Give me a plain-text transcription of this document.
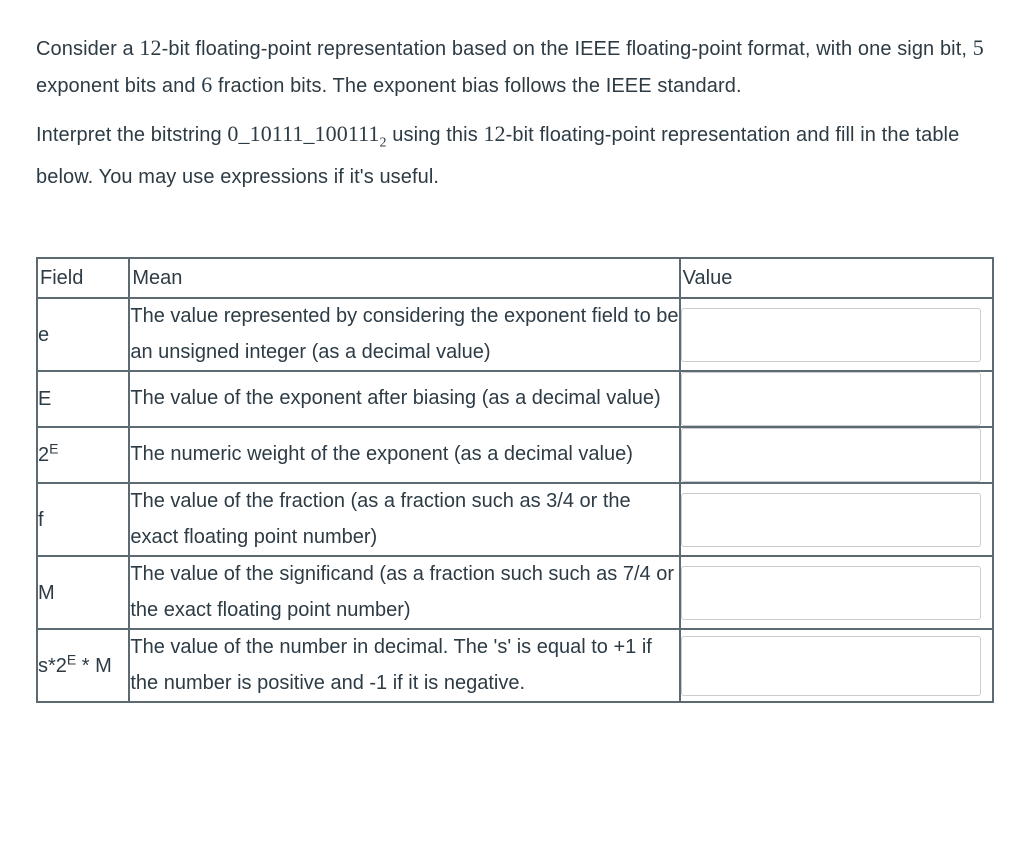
Consider a 12-bit floating-point representation based on the IEEE floating-point format, with one sign bit, 5 exponent bits and 6 fraction bits. The exponent bias follows the IEEE standard.

Interpret the bitstring $0\_10111\_100111_2$ using this 12-bit floating-point representation and fill in the table below. You may use expressions if it's useful.

Field	Mean	Value
e	The value represented by considering the exponent field to be an unsigned integer (as a decimal value)	

E	The value of the exponent after biasing (as a decimal value)	

$2^E$	The numeric weight of the exponent (as a decimal value)	

f	The value of the fraction (as a fraction such as 3/4 or the exact floating point number)	

M	The value of the significand (as a fraction such such as 7/4 or the exact floating point number)	

$s*2^E$ * M	The value of the number in decimal. The 's' is equal to +1 if the number is positive and -1 if it is negative.	
